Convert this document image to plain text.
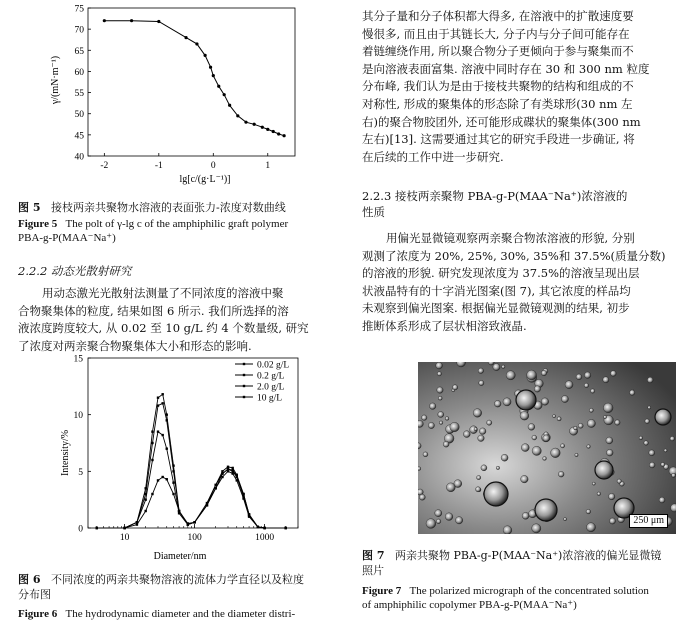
40
45
50
55
60
65
70
75
-2	-1	0	1
lg[c/(g·L⁻¹)]
γ/(mN·m⁻¹)
图 5 接枝两亲共聚物水溶液的表面张力-浓度对数曲线
Figure 5 The polt of γ-lg c of the amphiphilic graft polymer
PBA-g-P(MAA⁻Na⁺)
2.2.2 动态光散射研究
用动态激光光散射法测量了不同浓度的溶液中聚
合物聚集体的粒度, 结果如图 6 所示. 我们所选择的溶
液浓度跨度较大, 从 0.02 至 10 g/L 约 4 个数量级, 研究
了浓度对两亲聚合物聚集体大小和形态的影响.
0
5
10
15
10	100	1000
0.02 g/L
0.2 g/L
2.0 g/L
10 g/L
Diameter/nm
Intensity/%
图 6 不同浓度的两亲共聚物溶液的流体力学直径以及粒度
分布图
Figure 6 The hydrodynamic diameter and the diameter distri-
其分子量和分子体积都大得多, 在溶液中的扩散速度要
慢很多, 而且由于其链长大, 分子内与分子间可能存在
着链缠绕作用, 所以聚合物分子更倾向于参与聚集而不
是向溶液表面富集. 溶液中同时存在 30 和 300 nm 粒度
分布峰, 我们认为是由于接枝共聚物的结构和组成的不
对称性, 形成的聚集体的形态除了有类球形(30 nm 左
右)的聚合物胶团外, 还可能形成碟状的聚集体(300 nm
左右)[13]. 这需要通过其它的研究手段进一步确证, 将
在后续的工作中进一步研究.
2.2.3 接枝两亲聚物 PBA-g-P(MAA⁻Na⁺)浓溶液的
性质
用偏光显微镜观察两亲聚合物浓溶液的形貌, 分别
观测了浓度为 20%, 25%, 30%, 35%和 37.5%(质量分数)
的溶液的形貌. 研究发现浓度为 37.5%的溶液呈现出层
状液晶特有的十字消光图案(图 7), 其它浓度的样品均
未观察到偏光图案. 根据偏光显微镜观测的结果, 初步
推断体系形成了层状相溶致液晶.
250 μm
图 7 两亲共聚物 PBA-g-P(MAA⁻Na⁺)浓溶液的偏光显微镜
照片
Figure 7 The polarized micrograph of the concentrated solution
of amphiphilic copolymer PBA-g-P(MAA⁻Na⁺)
